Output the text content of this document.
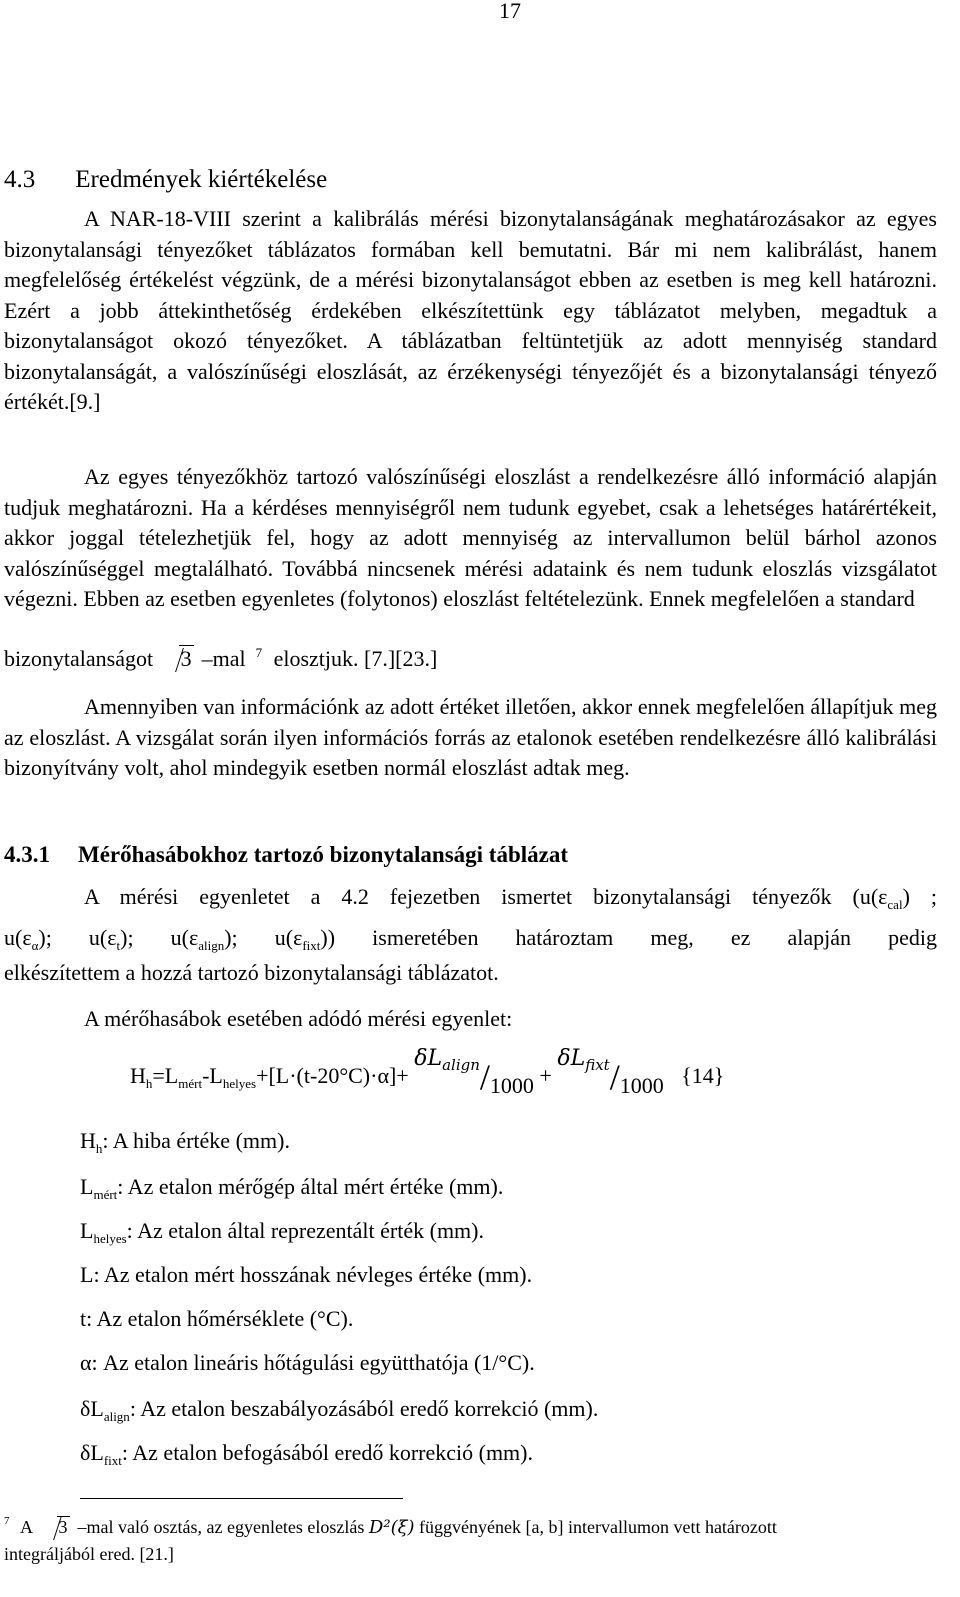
17
4.3 Eredmények kiértékelése

A NAR-18-VIII szerint a kalibrálás mérési bizonytalanságának meghatározásakor az egyes bizonytalansági tényezőket táblázatos formában kell bemutatni. Bár mi nem kalibrálást, hanem megfelelőség értékelést végzünk, de a mérési bizonytalanságot ebben az esetben is meg kell határozni. Ezért a jobb áttekinthetőség érdekében elkészítettünk egy táblázatot melyben, megadtuk a bizonytalanságot okozó tényezőket. A táblázatban feltüntetjük az adott mennyiség standard bizonytalanságát, a valószínűségi eloszlását, az érzékenységi tényezőjét és a bizonytalansági tényező értékét.[9.]

Az egyes tényezőkhöz tartozó valószínűségi eloszlást a rendelkezésre álló információ alapján tudjuk meghatározni. Ha a kérdéses mennyiségről nem tudunk egyebet, csak a lehetséges határértékeit, akkor joggal tételezhetjük fel, hogy az adott mennyiség az intervallumon belül bárhol azonos valószínűséggel megtalálható. Továbbá nincsenek mérési adataink és nem tudunk eloszlás vizsgálatot végezni. Ebben az esetben egyenletes (folytonos) eloszlást feltételezünk. Ennek megfelelően a standard

bizonytalanságot 3 –mal $^7$ elosztjuk. [7.][23.]

Amennyiben van információnk az adott értéket illetően, akkor ennek megfelelően állapítjuk meg az eloszlást. A vizsgálat során ilyen információs forrás az etalonok esetében rendelkezésre álló kalibrálási bizonyítvány volt, ahol mindegyik esetben normál eloszlást adtak meg.

4.3.1 Mérőhasábokhoz tartozó bizonytalansági táblázat
A mérési egyenletet a 4.2 fejezetben ismertet bizonytalansági tényezők ($u(\varepsilon_{cal})$ ;
$u(\varepsilon_\alpha)$; $u(\varepsilon_t)$; $u(\varepsilon_{align})$; $u(\varepsilon_{fixt})$) ismeretében határoztam meg, ez alapján pedig
elkészítettem a hozzá tartozó bizonytalansági táblázatot.
A mérőhasábok esetében adódó mérési egyenlet:
$H_h=L_{mért}-L_{helyes}+[L\cdot(t-20^\circ C)\cdot\alpha]+ \delta L_{align}/1000 + \delta L_{fixt}/1000$ {14}
$H_h$: A hiba értéke (mm).
$L_{mért}$: Az etalon mérőgép által mért értéke (mm).
$L_{helyes}$: Az etalon által reprezentált érték (mm).
L: Az etalon mért hosszának névleges értéke (mm).
t: Az etalon hőmérséklete (°C).
α: Az etalon lineáris hőtágulási együtthatója (1/°C).
$\delta L_{align}$: Az etalon beszabályozásából eredő korrekció (mm).
$\delta L_{fixt}$: Az etalon befogásából eredő korrekció (mm).
$^7$ A 3 –mal való osztás, az egyenletes eloszlás D²(ξ) függvényének [a, b] intervallumon vett határozott
integráljából ered. [21.]
